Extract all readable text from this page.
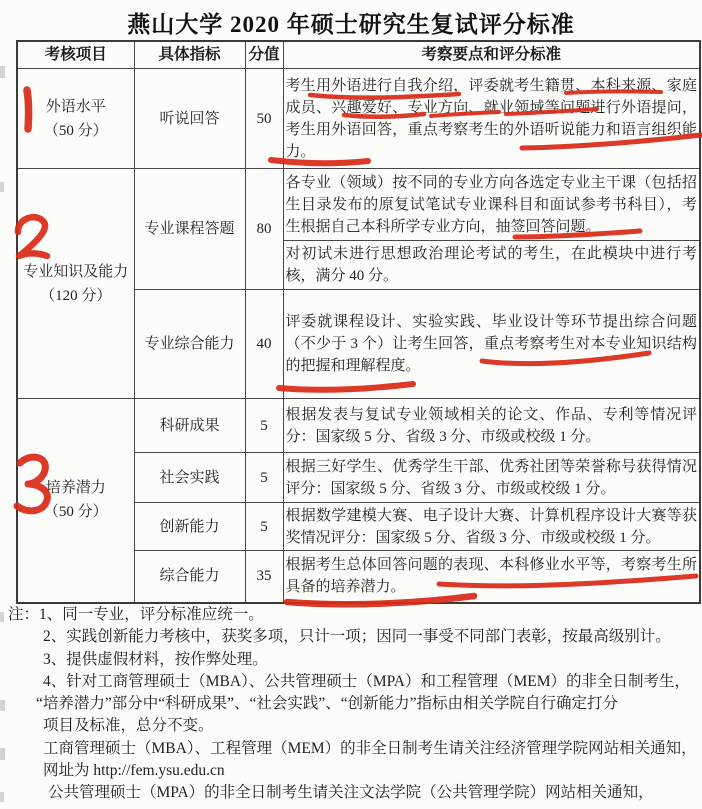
燕山大学 2020 年硕士研究生复试评分标准
考核项目	具体指标	分值	考察要点和评分标准

外语水平
（50 分）	听说回答	50	考生用外语进行自我介绍，评委就考生籍贯、本科来源、家庭成员、兴趣爱好、专业方向、就业领域等问题进行外语提问，考生用外语回答，重点考察考生的外语听说能力和语言组织能力。

专业知识及能力
（120 分）	专业课程答题	80	各专业（领域）按不同的专业方向各选定专业主干课（包括招生目录发布的原复试笔试专业课科目和面试参考书科目），考生根据自己本科所学专业方向，抽签回答问题。
			对初试未进行思想政治理论考试的考生，在此模块中进行考核，满分 40 分。
	专业综合能力	40	评委就课程设计、实验实践、毕业设计等环节提出综合问题（不少于 3 个）让考生回答，重点考察考生对本专业知识结构的把握和理解程度。

培养潜力
（50 分）	科研成果	5	根据发表与复试专业领域相关的论文、作品、专利等情况评分：国家级 5 分、省级 3 分、市级或校级 1 分。
	社会实践	5	根据三好学生、优秀学生干部、优秀社团等荣誉称号获得情况评分：国家级 5 分、省级 3 分、市级或校级 1 分。
	创新能力	5	根据数学建模大赛、电子设计大赛、计算机程序设计大赛等获奖情况评分：国家级 5 分、省级 3 分、市级或校级 1 分。
	综合能力	35	根据考生总体回答问题的表现、本科修业水平等，考察考生所具备的培养潜力。
注：1、同一专业，评分标准应统一。
2、实践创新能力考核中，获奖多项，只计一项；因同一事受不同部门表彰，按最高级别计。
3、提供虚假材料，按作弊处理。
4、针对工商管理硕士（MBA）、公共管理硕士（MPA）和工程管理（MEM）的非全日制考生，
“培养潜力”部分中“科研成果”、“社会实践”、“创新能力”指标由相关学院自行确定打分
项目及标准，总分不变。
工商管理硕士（MBA）、工程管理（MEM）的非全日制考生请关注经济管理学院网站相关通知，
网址为 http://fem.ysu.edu.cn
公共管理硕士（MPA）的非全日制考生请关注文法学院（公共管理学院）网站相关通知，
